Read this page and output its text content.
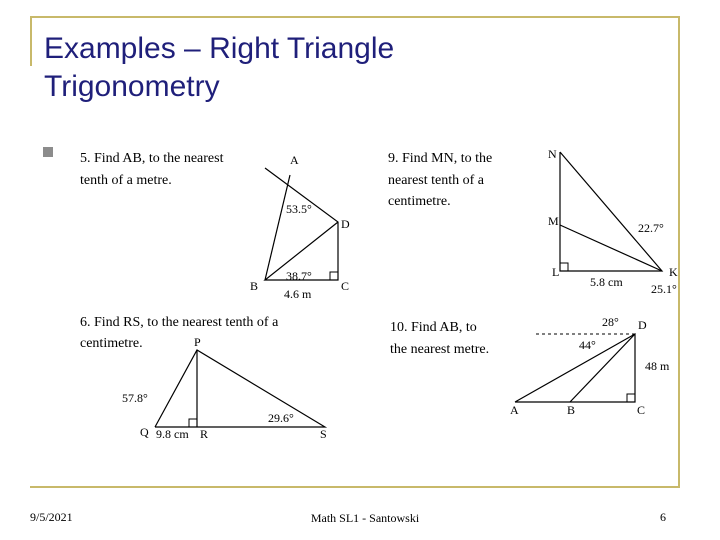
Examples – Right Triangle
Trigonometry
5. Find AB, to the nearest
tenth of a metre.
A
D
B	C
53.5°
38.7°
4.6 m
6. Find RS, to the nearest tenth of a
centimetre.	P
Q	R	S
57.8°
29.6°
9.8 cm
9. Find MN, to the
nearest tenth of a
centimetre.
N
M
L	K
22.7°
25.1°
5.8 cm
10. Find AB, to
the nearest metre.
D
A	B	C
28°
44°
48 m
9/5/2021	Math SL1 - Santowski	6
